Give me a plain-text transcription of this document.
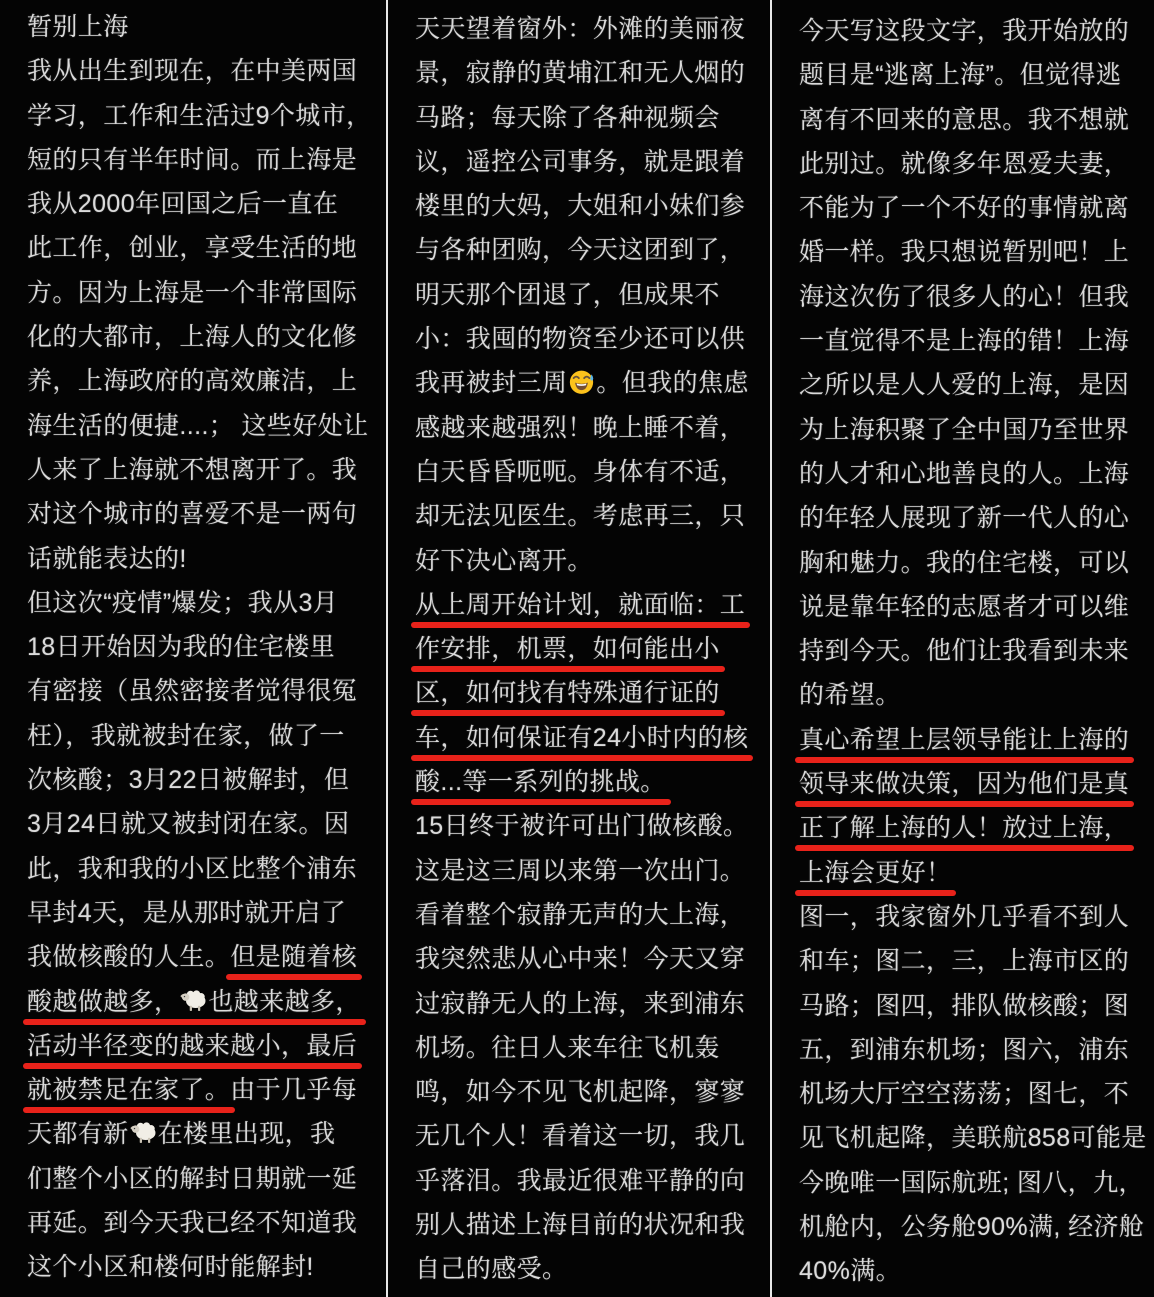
暂别上海
我从出生到现在，在中美两国
学习，工作和生活过9个城市，
短的只有半年时间。而上海是
我从2000年回国之后一直在
此工作，创业，享受生活的地
方。因为上海是一个非常国际
化的大都市，上海人的文化修
养，上海政府的高效廉洁，上
海生活的便捷....； 这些好处让
人来了上海就不想离开了。我
对这个城市的喜爱不是一两句
话就能表达的!
但这次“疫情”爆发；我从3月
18日开始因为我的住宅楼里
有密接（虽然密接者觉得很冤
枉），我就被封在家，做了一
次核酸；3月22日被解封，但
3月24日就又被封闭在家。因
此，我和我的小区比整个浦东
早封4天，是从那时就开启了
我做核酸的人生。但是随着核
酸越做越多， 也越来越多，
活动半径变的越来越小，最后
就被禁足在家了。由于几乎每
天都有新 在楼里出现，我
们整个小区的解封日期就一延
再延。到今天我已经不知道我
这个小区和楼何时能解封!
天天望着窗外：外滩的美丽夜
景，寂静的黄埔江和无人烟的
马路；每天除了各种视频会
议，遥控公司事务，就是跟着
楼里的大妈，大姐和小妹们参
与各种团购，今天这团到了，
明天那个团退了，但成果不
小：我囤的物资至少还可以供
我再被封三周 。但我的焦虑
感越来越强烈！晚上睡不着，
白天昏昏呃呃。身体有不适，
却无法见医生。考虑再三，只
好下决心离开。
从上周开始计划，就面临：工
作安排，机票，如何能出小
区，如何找有特殊通行证的
车，如何保证有24小时内的核
酸...等一系列的挑战。
15日终于被许可出门做核酸。
这是这三周以来第一次出门。
看着整个寂静无声的大上海，
我突然悲从心中来！今天又穿
过寂静无人的上海，来到浦东
机场。往日人来车往飞机轰
鸣，如今不见飞机起降，寥寥
无几个人！看着这一切，我几
乎落泪。我最近很难平静的向
别人描述上海目前的状况和我
自己的感受。
今天写这段文字，我开始放的
题目是“逃离上海”。但觉得逃
离有不回来的意思。我不想就
此别过。就像多年恩爱夫妻，
不能为了一个不好的事情就离
婚一样。我只想说暂别吧！上
海这次伤了很多人的心！但我
一直觉得不是上海的错！上海
之所以是人人爱的上海，是因
为上海积聚了全中国乃至世界
的人才和心地善良的人。上海
的年轻人展现了新一代人的心
胸和魅力。我的住宅楼，可以
说是靠年轻的志愿者才可以维
持到今天。他们让我看到未来
的希望。
真心希望上层领导能让上海的
领导来做决策，因为他们是真
正了解上海的人！放过上海，
上海会更好！
图一，我家窗外几乎看不到人
和车；图二，三，上海市区的
马路；图四，排队做核酸；图
五，到浦东机场；图六，浦东
机场大厅空空荡荡；图七，不
见飞机起降，美联航858可能是
今晚唯一国际航班; 图八，九，
机舱内，公务舱90%满, 经济舱
40%满。
